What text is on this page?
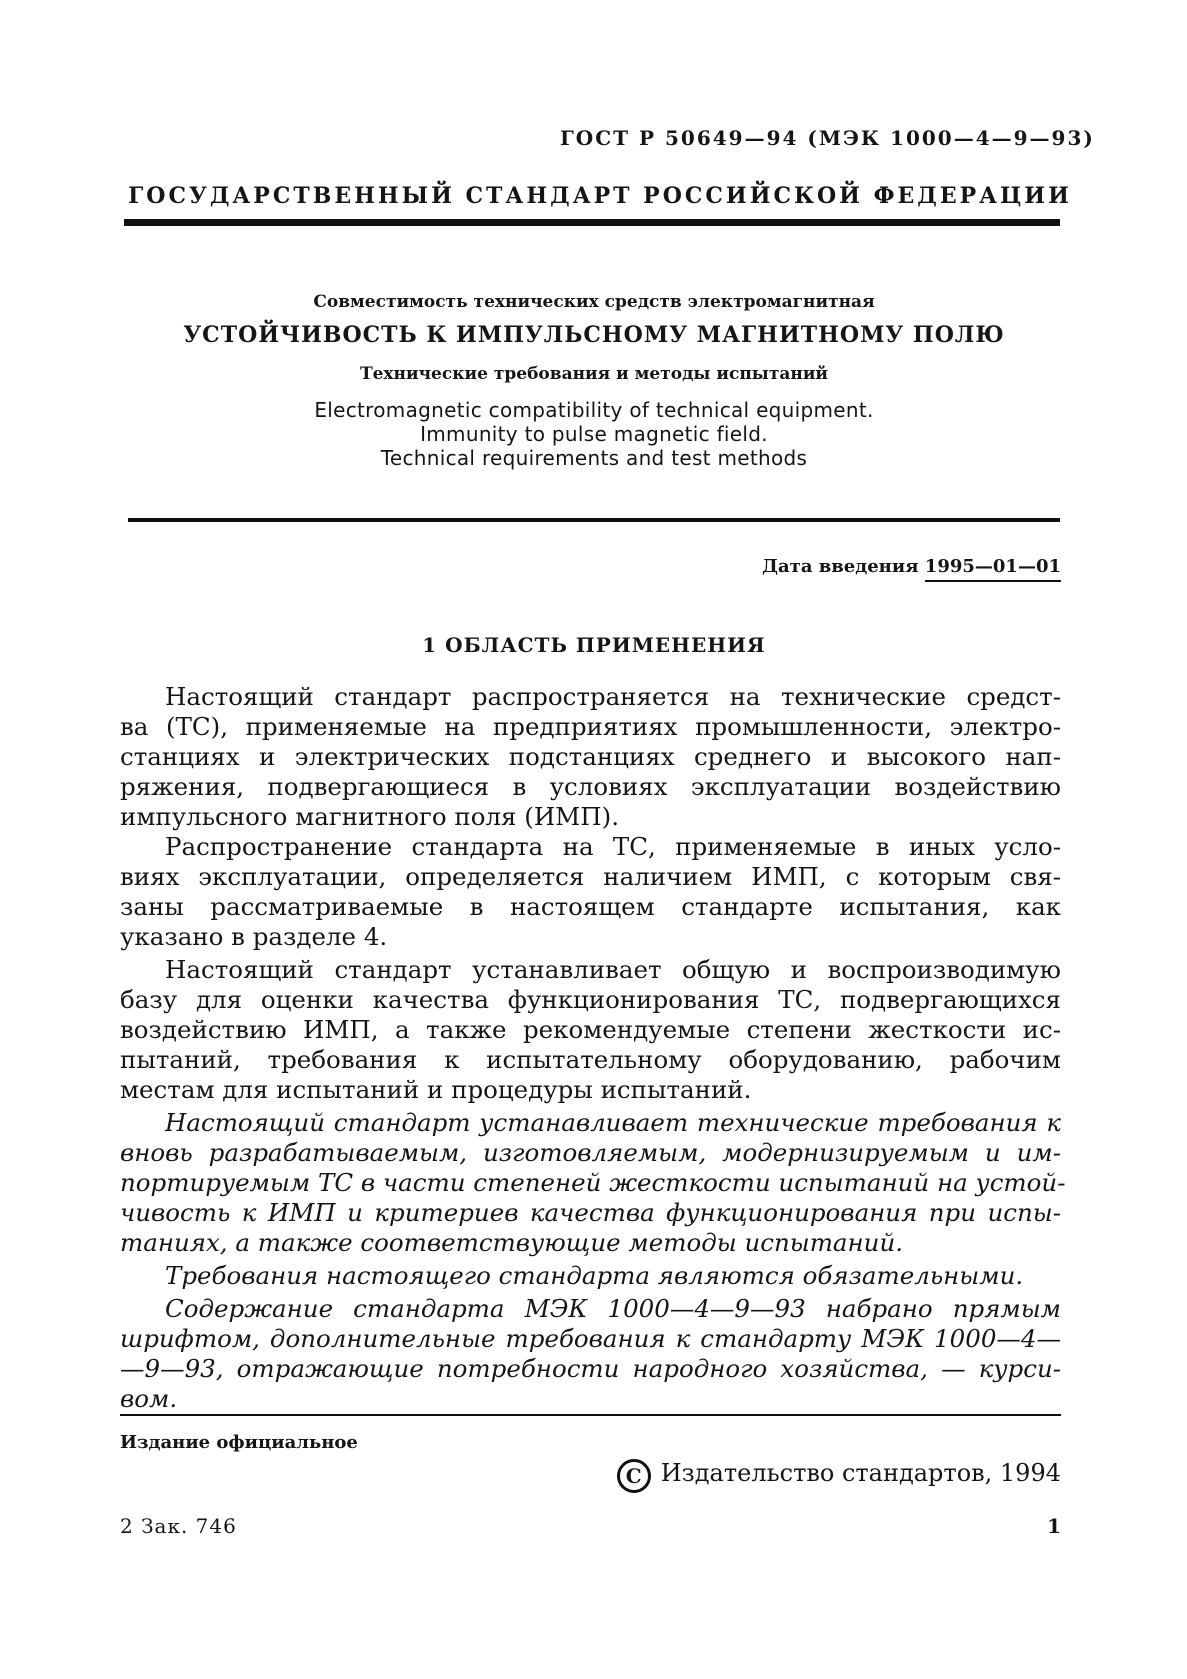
ГОСТ Р 50649—94 (МЭК 1000—4—9—93)
ГОСУДАРСТВЕННЫЙ СТАНДАРТ РОССИЙСКОЙ ФЕДЕРАЦИИ
Совместимость технических средств электромагнитная
УСТОЙЧИВОСТЬ К ИМПУЛЬСНОМУ МАГНИТНОМУ ПОЛЮ
Технические требования и методы испытаний
Electromagnetic compatibility of technical equipment.
Immunity to pulse magnetic field.
Technical requirements and test methods
Дата введения 1995—01—01
1 ОБЛАСТЬ ПРИМЕНЕНИЯ
Настоящий стандарт распространяется на технические средст-
ва (ТС), применяемые на предприятиях промышленности, электро-
станциях и электрических подстанциях среднего и высокого нап-
ряжения, подвергающиеся в условиях эксплуатации воздействию
импульсного магнитного поля (ИМП).
Распространение стандарта на ТС, применяемые в иных усло-
виях эксплуатации, определяется наличием ИМП, с которым свя-
заны рассматриваемые в настоящем стандарте испытания, как
указано в разделе 4.
Настоящий стандарт устанавливает общую и воспроизводимую
базу для оценки качества функционирования ТС, подвергающихся
воздействию ИМП, а также рекомендуемые степени жесткости ис-
пытаний, требования к испытательному оборудованию, рабочим
местам для испытаний и процедуры испытаний.
Настоящий стандарт устанавливает технические требования к
вновь разрабатываемым, изготовляемым, модернизируемым и им-
портируемым ТС в части степеней жесткости испытаний на устой-
чивость к ИМП и критериев качества функционирования при испы-
таниях, а также соответствующие методы испытаний.
Требования настоящего стандарта являются обязательными.
Содержание стандарта МЭК 1000—4—9—93 набрано прямым
шрифтом, дополнительные требования к стандарту МЭК 1000—4—
—9—93, отражающие потребности народного хозяйства, — курси-
вом.
Издание официальное
C Издательство стандартов, 1994
2 Зак. 746	1
